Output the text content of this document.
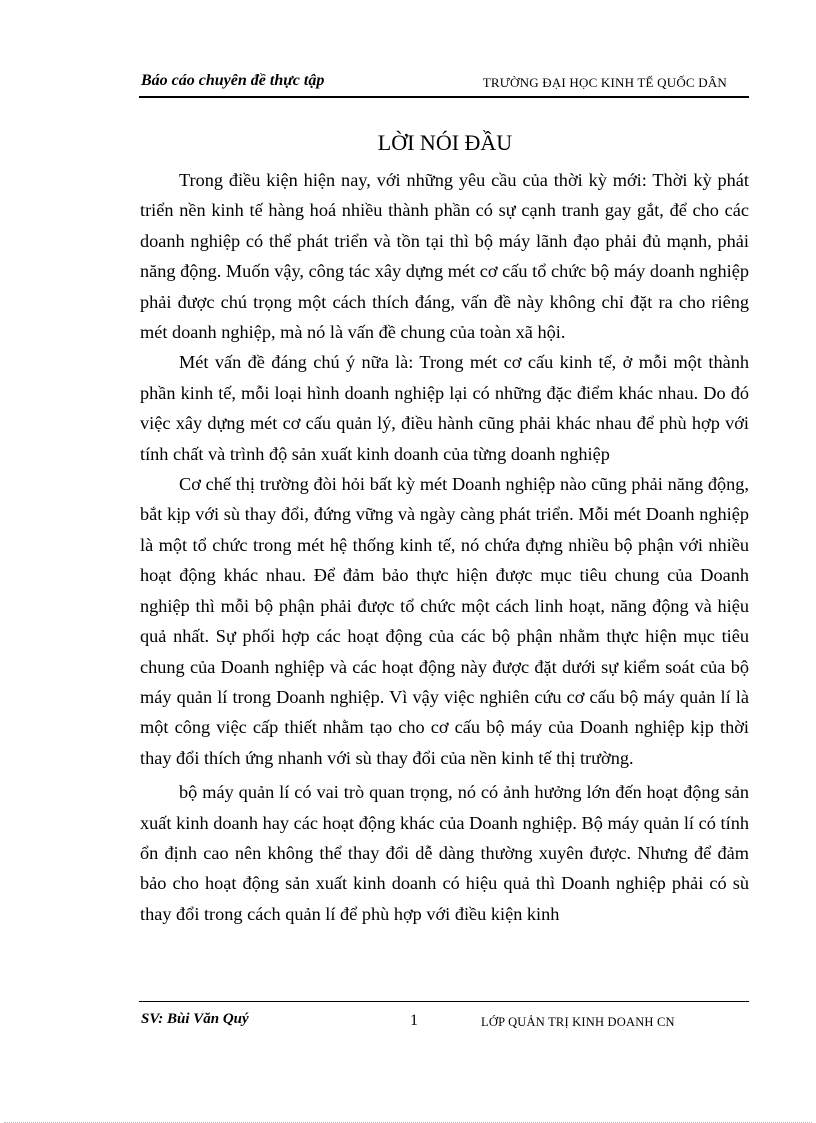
Báo cáo chuyên đề thực tập	TRƯỜNG ĐẠI HỌC KINH TẾ QUỐC DÂN
LỜI NÓI ĐẦU

Trong điều kiện hiện nay, với những yêu cầu của thời kỳ mới: Thời kỳ phát triển nền kinh tế hàng hoá nhiều thành phần có sự cạnh tranh gay gắt, để cho các doanh nghiệp có thể phát triển và tồn tại thì bộ máy lãnh đạo phải đủ mạnh, phải năng động. Muốn vậy, công tác xây dựng mét cơ cấu tổ chức bộ máy doanh nghiệp phải được chú trọng một cách thích đáng, vấn đề này không chỉ đặt ra cho riêng mét doanh nghiệp, mà nó là vấn đề chung của toàn xã hội.

Mét vấn đề đáng chú ý nữa là: Trong mét cơ cấu kinh tế, ở mỗi một thành phần kinh tế, mỗi loại hình doanh nghiệp lại có những đặc điểm khác nhau. Do đó việc xây dựng mét cơ cấu quản lý, điều hành cũng phải khác nhau để phù hợp với tính chất và trình độ sản xuất kinh doanh của từng doanh nghiệp

Cơ chế thị trường đòi hỏi bất kỳ mét Doanh nghiệp nào cũng phải năng động, bắt kịp với sù thay đổi, đứng vững và ngày càng phát triển. Mỗi mét Doanh nghiệp là một tổ chức trong mét hệ thống kinh tế, nó chứa đựng nhiều bộ phận với nhiều hoạt động khác nhau. Để đảm bảo thực hiện được mục tiêu chung của Doanh nghiệp thì mỗi bộ phận phải được tổ chức một cách linh hoạt, năng động và hiệu quả nhất. Sự phối hợp các hoạt động của các bộ phận nhằm thực hiện mục tiêu chung của Doanh nghiệp và các hoạt động này được đặt dưới sự kiểm soát của bộ máy quản lí trong Doanh nghiệp. Vì vậy việc nghiên cứu cơ cấu bộ máy quản lí là một công việc cấp thiết nhằm tạo cho cơ cấu bộ máy của Doanh nghiệp kịp thời thay đổi thích ứng nhanh với sù thay đổi của nền kinh tế thị trường.

bộ máy quản lí có vai trò quan trọng, nó có ảnh hưởng lớn đến hoạt động sản xuất kinh doanh hay các hoạt động khác của Doanh nghiệp. Bộ máy quản lí có tính ổn định cao nên không thể thay đổi dễ dàng thường xuyên được. Nhưng để đảm bảo cho hoạt động sản xuất kinh doanh có hiệu quả thì Doanh nghiệp phải có sù thay đổi trong cách quản lí để phù hợp với điều kiện kinh

SV: Bùi Văn Quý	1	LỚP QUẢN TRỊ KINH DOANH CN
